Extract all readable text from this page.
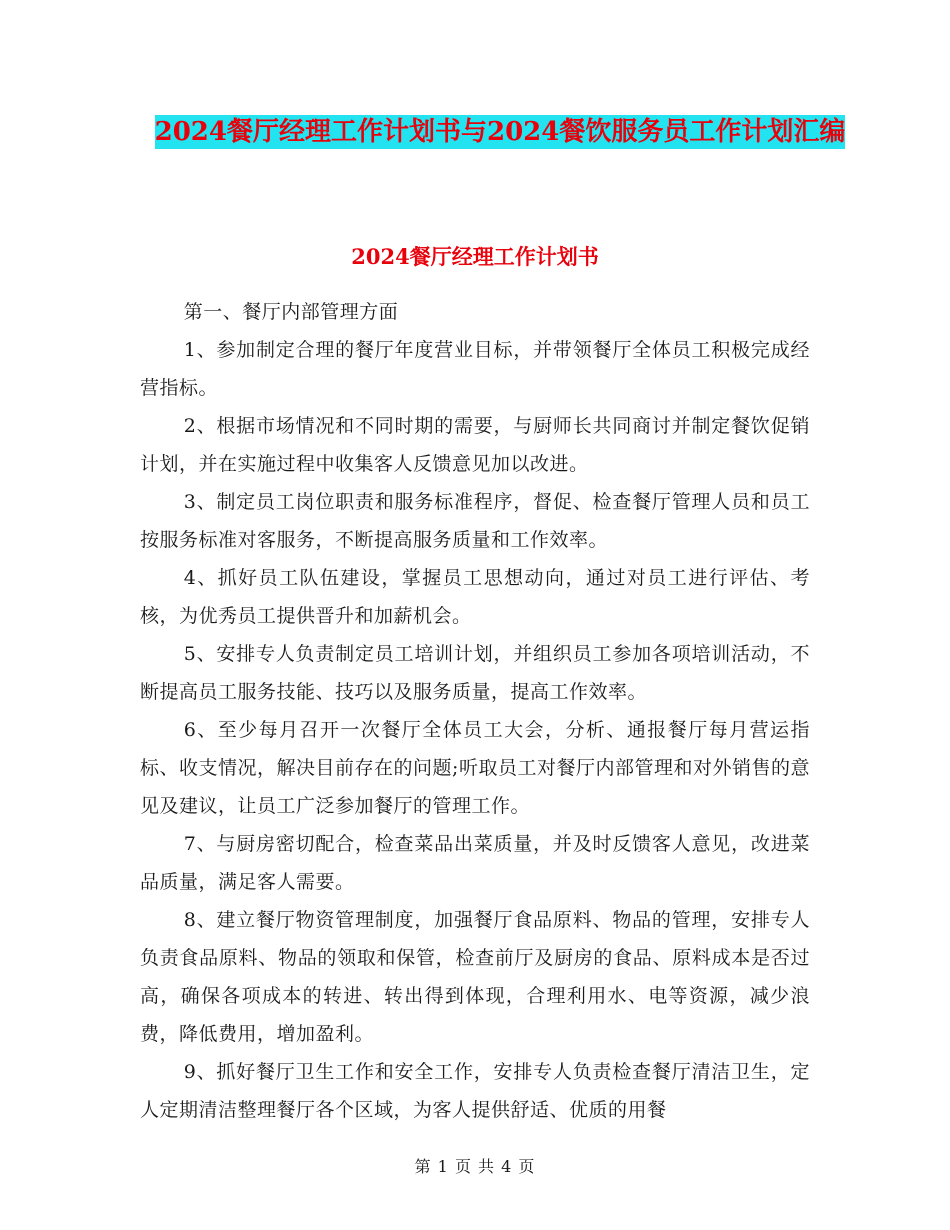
2024餐厅经理工作计划书与2024餐饮服务员工作计划汇编
2024餐厅经理工作计划书

第一、餐厅内部管理方面

1、参加制定合理的餐厅年度营业目标，并带领餐厅全体员工积极完成经营指标。

2、根据市场情况和不同时期的需要，与厨师长共同商讨并制定餐饮促销计划，并在实施过程中收集客人反馈意见加以改进。

3、制定员工岗位职责和服务标准程序，督促、检查餐厅管理人员和员工按服务标准对客服务，不断提高服务质量和工作效率。

4、抓好员工队伍建设，掌握员工思想动向，通过对员工进行评估、考核，为优秀员工提供晋升和加薪机会。

5、安排专人负责制定员工培训计划，并组织员工参加各项培训活动，不断提高员工服务技能、技巧以及服务质量，提高工作效率。

6、至少每月召开一次餐厅全体员工大会，分析、通报餐厅每月营运指标、收支情况，解决目前存在的问题;听取员工对餐厅内部管理和对外销售的意见及建议，让员工广泛参加餐厅的管理工作。

7、与厨房密切配合，检查菜品出菜质量，并及时反馈客人意见，改进菜品质量，满足客人需要。

8、建立餐厅物资管理制度，加强餐厅食品原料、物品的管理，安排专人负责食品原料、物品的领取和保管，检查前厅及厨房的食品、原料成本是否过高，确保各项成本的转进、转出得到体现，合理利用水、电等资源，减少浪费，降低费用，增加盈利。

9、抓好餐厅卫生工作和安全工作，安排专人负责检查餐厅清洁卫生，定人定期清洁整理餐厅各个区域，为客人提供舒适、优质的用餐

第 1 页 共 4 页
